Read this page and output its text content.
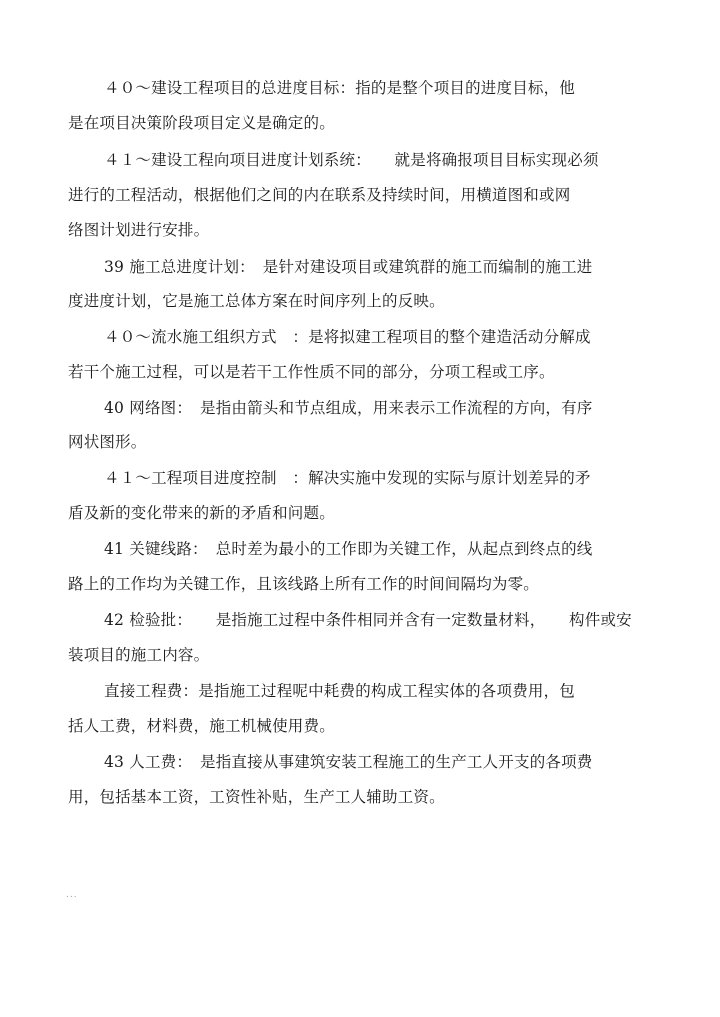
４０～建设工程项目的总进度目标：指的是整个项目的进度目标，他
是在项目决策阶段项目定义是确定的。
４１～建设工程向项目进度计划系统：　　就是将确报项目目标实现必须
进行的工程活动，根据他们之间的内在联系及持续时间，用横道图和或网
络图计划进行安排。
39 施工总进度计划：　是针对建设项目或建筑群的施工而编制的施工进
度进度计划，它是施工总体方案在时间序列上的反映。
４０～流水施工组织方式　：是将拟建工程项目的整个建造活动分解成
若干个施工过程，可以是若干工作性质不同的部分，分项工程或工序。
40 网络图：　是指由箭头和节点组成，用来表示工作流程的方向，有序
网状图形。
４１～工程项目进度控制　：解决实施中发现的实际与原计划差异的矛
盾及新的变化带来的新的矛盾和问题。
41 关键线路：　总时差为最小的工作即为关键工作，从起点到终点的线
路上的工作均为关键工作，且该线路上所有工作的时间间隔均为零。
42 检验批：　　是指施工过程中条件相同并含有一定数量材料，　　构件或安
装项目的施工内容。
直接工程费：是指施工过程呢中耗费的构成工程实体的各项费用，包
括人工费，材料费，施工机械使用费。
43 人工费：　是指直接从事建筑安装工程施工的生产工人开支的各项费
用，包括基本工资，工资性补贴，生产工人辅助工资。
...
